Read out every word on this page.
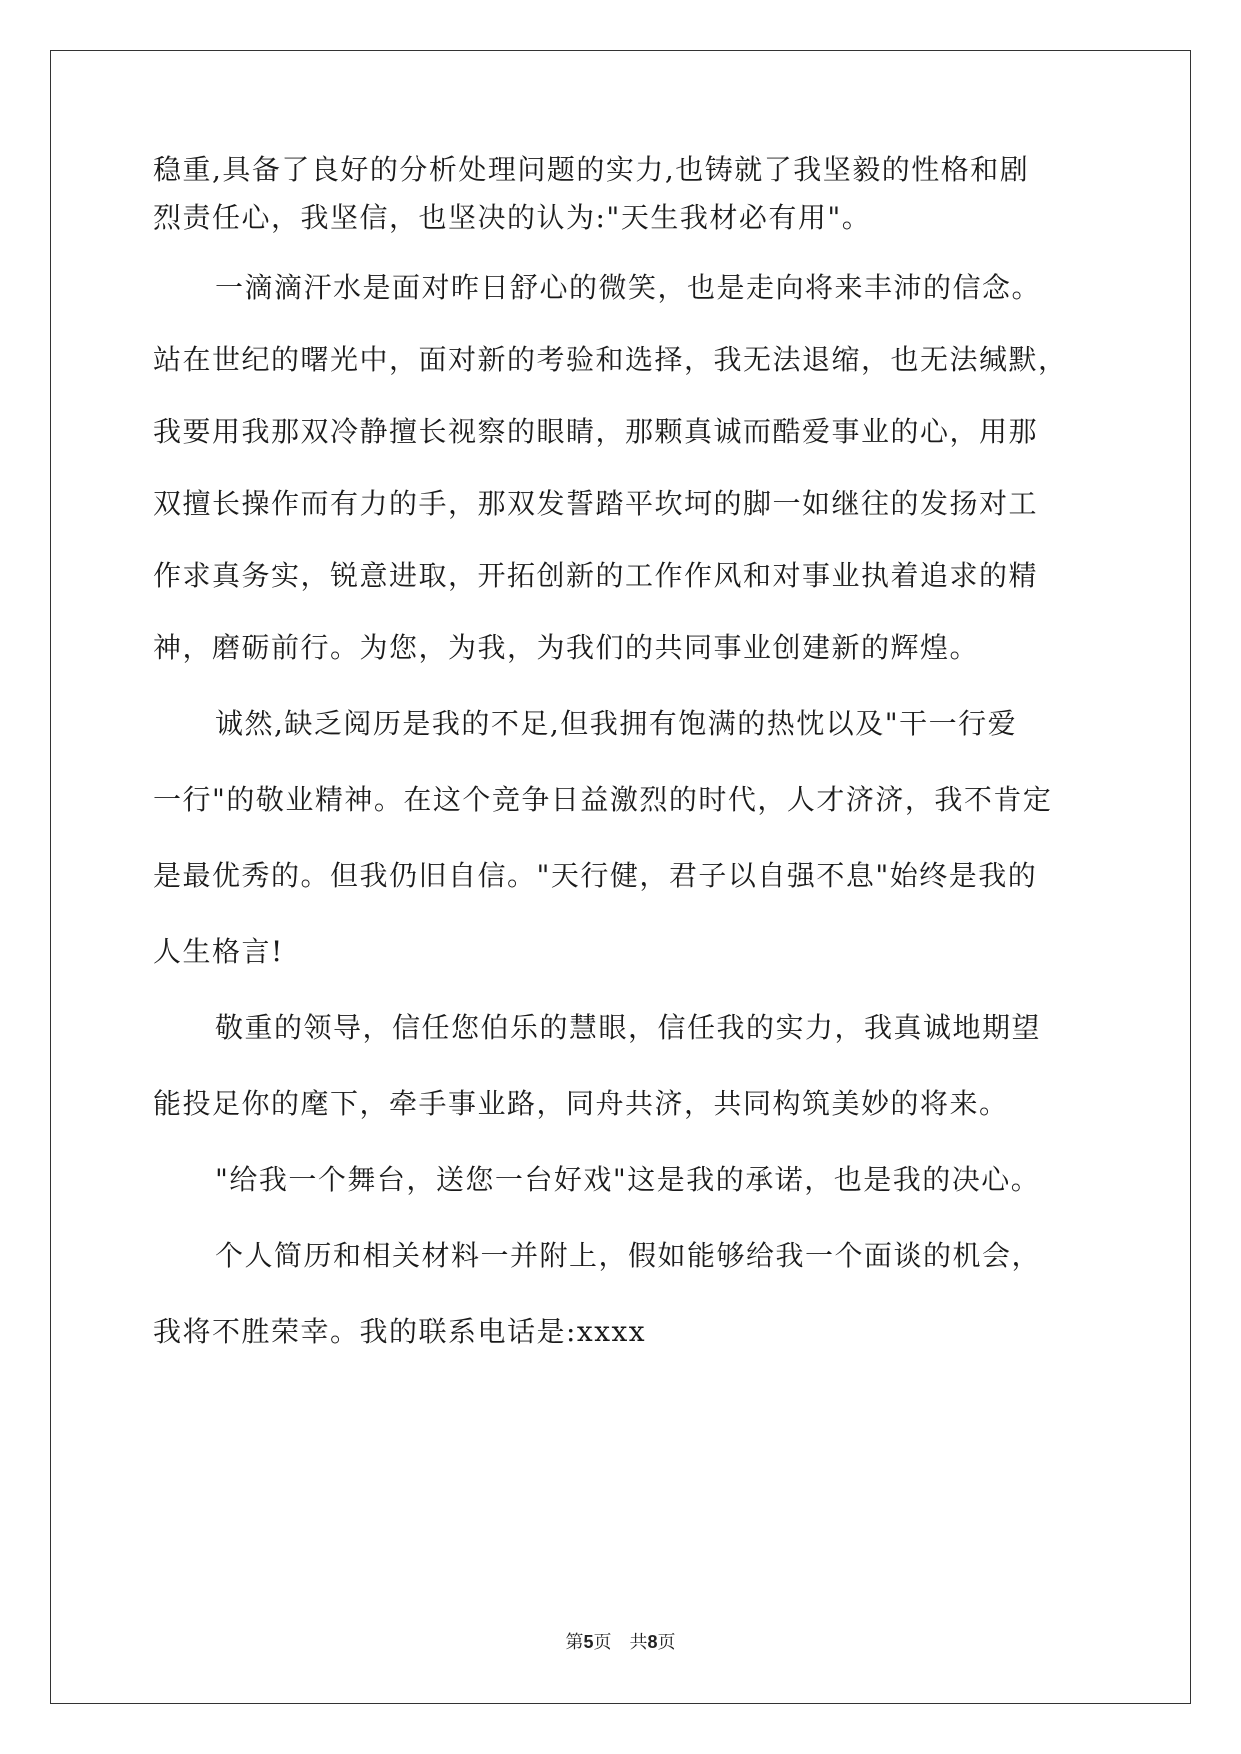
稳重,具备了良好的分析处理问题的实力,也铸就了我坚毅的性格和剧
烈责任心，我坚信，也坚决的认为:"天生我材必有用"。
一滴滴汗水是面对昨日舒心的微笑，也是走向将来丰沛的信念。
站在世纪的曙光中，面对新的考验和选择，我无法退缩，也无法缄默，
我要用我那双冷静擅长视察的眼睛，那颗真诚而酷爱事业的心，用那
双擅长操作而有力的手，那双发誓踏平坎坷的脚一如继往的发扬对工
作求真务实，锐意进取，开拓创新的工作作风和对事业执着追求的精
神，磨砺前行。为您，为我，为我们的共同事业创建新的辉煌。
诚然,缺乏阅历是我的不足,但我拥有饱满的热忱以及"干一行爱
一行"的敬业精神。在这个竞争日益激烈的时代，人才济济，我不肯定
是最优秀的。但我仍旧自信。"天行健，君子以自强不息"始终是我的
人生格言!
敬重的领导，信任您伯乐的慧眼，信任我的实力，我真诚地期望
能投足你的麾下，牵手事业路，同舟共济，共同构筑美妙的将来。
"给我一个舞台，送您一台好戏"这是我的承诺，也是我的决心。
个人简历和相关材料一并附上，假如能够给我一个面谈的机会，
我将不胜荣幸。我的联系电话是:xxxx
第5页　共8页
